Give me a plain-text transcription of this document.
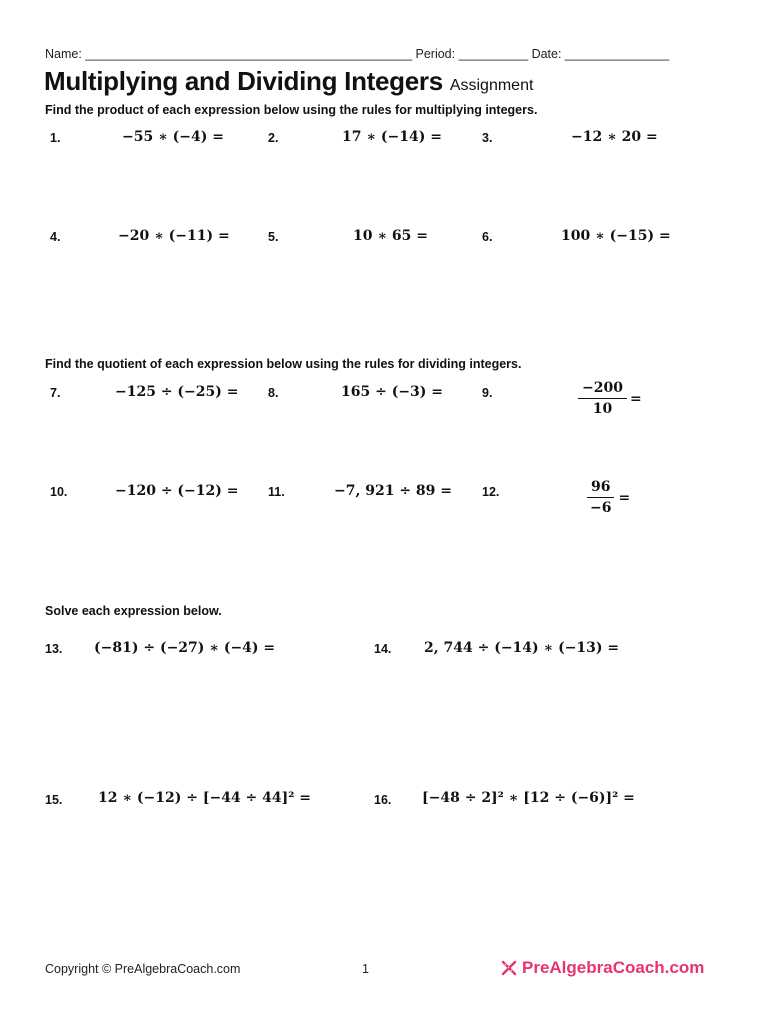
Name: _______________________________________________ Period: __________ Date: _______________
Multiplying and Dividing Integers Assignment
Find the product of each expression below using the rules for multiplying integers.
1.	−55 ∗ (−4) =	2.	17 ∗ (−14) =	3.	−12 ∗ 20 =
4.	−20 ∗ (−11) =	5.	10 ∗ 65 =	6.	100 ∗ (−15) =
Find the quotient of each expression below using the rules for dividing integers.
7.	−125 ÷ (−25) = 8.	165 ÷ (−3) =	9.	$\frac{-200}{10}$ =
10.	−120 ÷ (−12) = 11.	−7, 921 ÷ 89 = 12.	$\frac{96}{-6}$ =
Solve each expression below.
13. (−81) ÷ (−27) ∗ (−4) =	14. 2, 744 ÷ (−14) ∗ (−13) =
15.	12 ∗ (−12) ÷ [−44 ÷ 44]² =	16. [−48 ÷ 2]² ∗ [12 ÷ (−6)]² =
Copyright © PreAlgebraCoach.com	1	PreAlgebraCoach.com
